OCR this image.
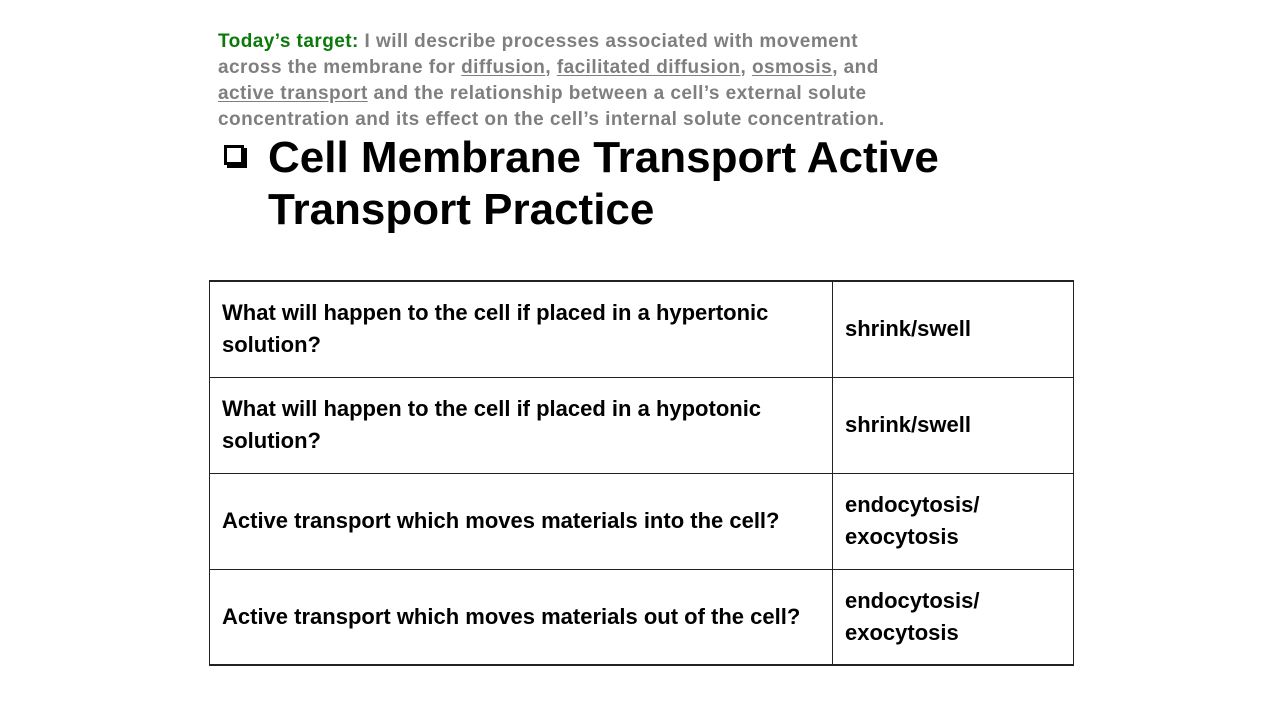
Today’s target: I will describe processes associated with movement
across the membrane for diffusion, facilitated diffusion, osmosis, and
active transport and the relationship between a cell’s external solute
concentration and its effect on the cell’s internal solute concentration.
Cell Membrane Transport Active
Transport Practice
What will happen to the cell if placed in a hypertonic solution?	shrink/swell
What will happen to the cell if placed in a hypotonic solution?	shrink/swell
Active transport which moves materials into the cell?	endocytosis/ exocytosis
Active transport which moves materials out of the cell?	endocytosis/ exocytosis
